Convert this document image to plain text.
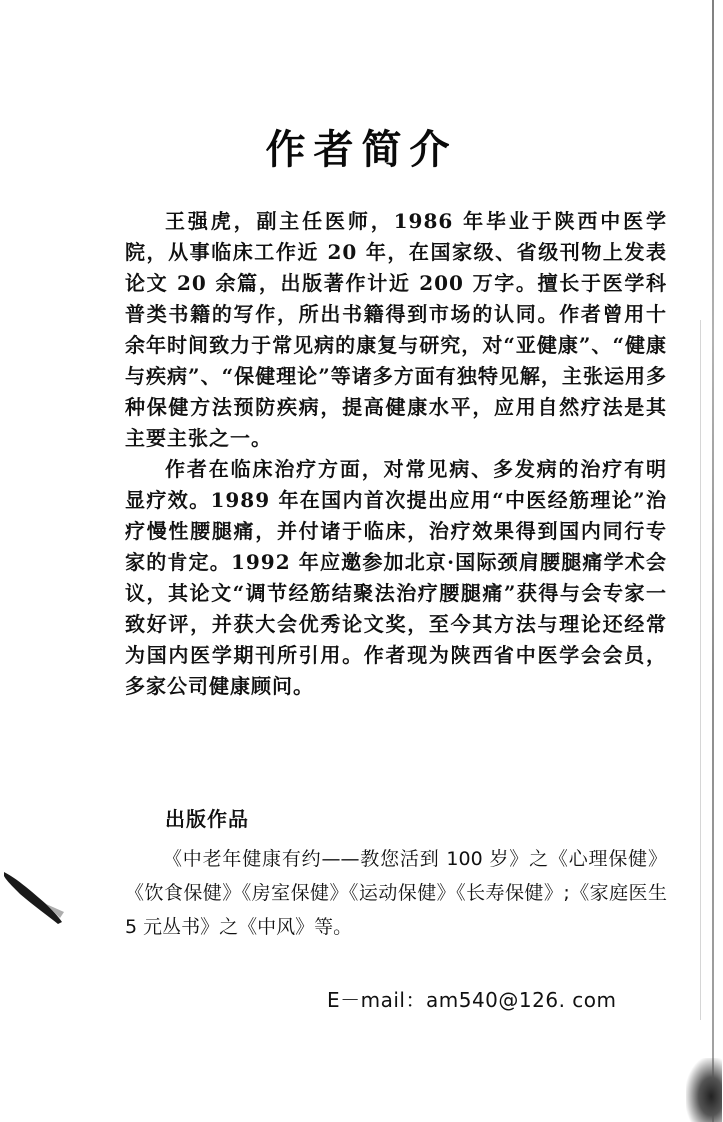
作者简介

王强虎，副主任医师，1986 年毕业于陕西中医学院，从事临床工作近 20 年，在国家级、省级刊物上发表论文 20 余篇，出版著作计近 200 万字。擅长于医学科普类书籍的写作，所出书籍得到市场的认同。作者曾用十余年时间致力于常见病的康复与研究，对“亚健康”、“健康与疾病”、“保健理论”等诸多方面有独特见解，主张运用多种保健方法预防疾病，提高健康水平，应用自然疗法是其主要主张之一。

作者在临床治疗方面，对常见病、多发病的治疗有明显疗效。1989 年在国内首次提出应用“中医经筋理论”治疗慢性腰腿痛，并付诸于临床，治疗效果得到国内同行专家的肯定。1992 年应邀参加北京·国际颈肩腰腿痛学术会议，其论文“调节经筋结聚法治疗腰腿痛”获得与会专家一致好评，并获大会优秀论文奖，至今其方法与理论还经常为国内医学期刊所引用。作者现为陕西省中医学会会员，多家公司健康顾问。

出版作品
《中老年健康有约——教您活到 100 岁》之《心理保健》《饮食保健》《房室保健》《运动保健》《长寿保健》;《家庭医生 5 元丛书》之《中风》等。
E－mail：am540@126. com
